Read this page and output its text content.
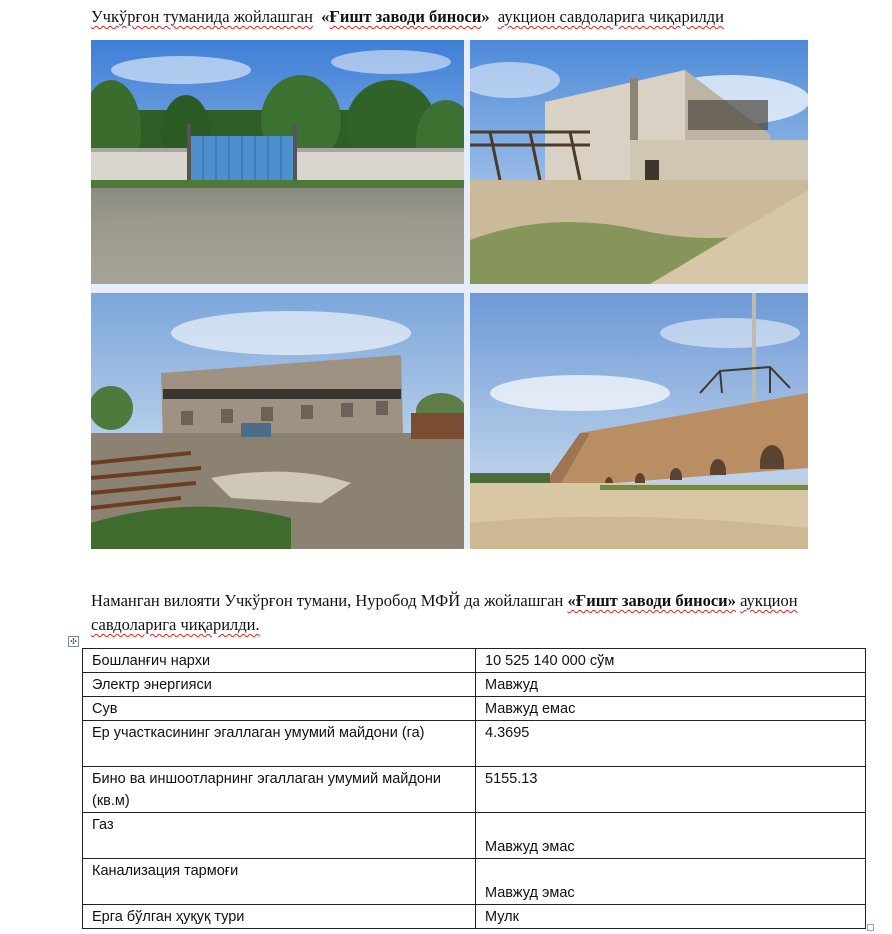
Учкўрғон туманида жойлашган «Ғишт заводи биноси» аукцион савдоларига чиқарилди
Наманган вилояти Учкўрғон тумани, Нуробод МФЙ да жойлашган «Ғишт заводи биноси» аукцион савдоларига чиқарилди.
✣
Бошланғич нархи	10 525 140 000 сўм
Электр энергияси	Мавжуд
Сув	Мавжуд емас
Ер участкасининг эгаллаган умумий майдони (га)	4.3695
Бино ва иншоотларнинг эгаллаган умумий майдони (кв.м)	5155.13
Газ	Мавжуд эмас
Канализация тармоғи	Мавжуд эмас
Ерга бўлган ҳуқуқ тури	Мулк
